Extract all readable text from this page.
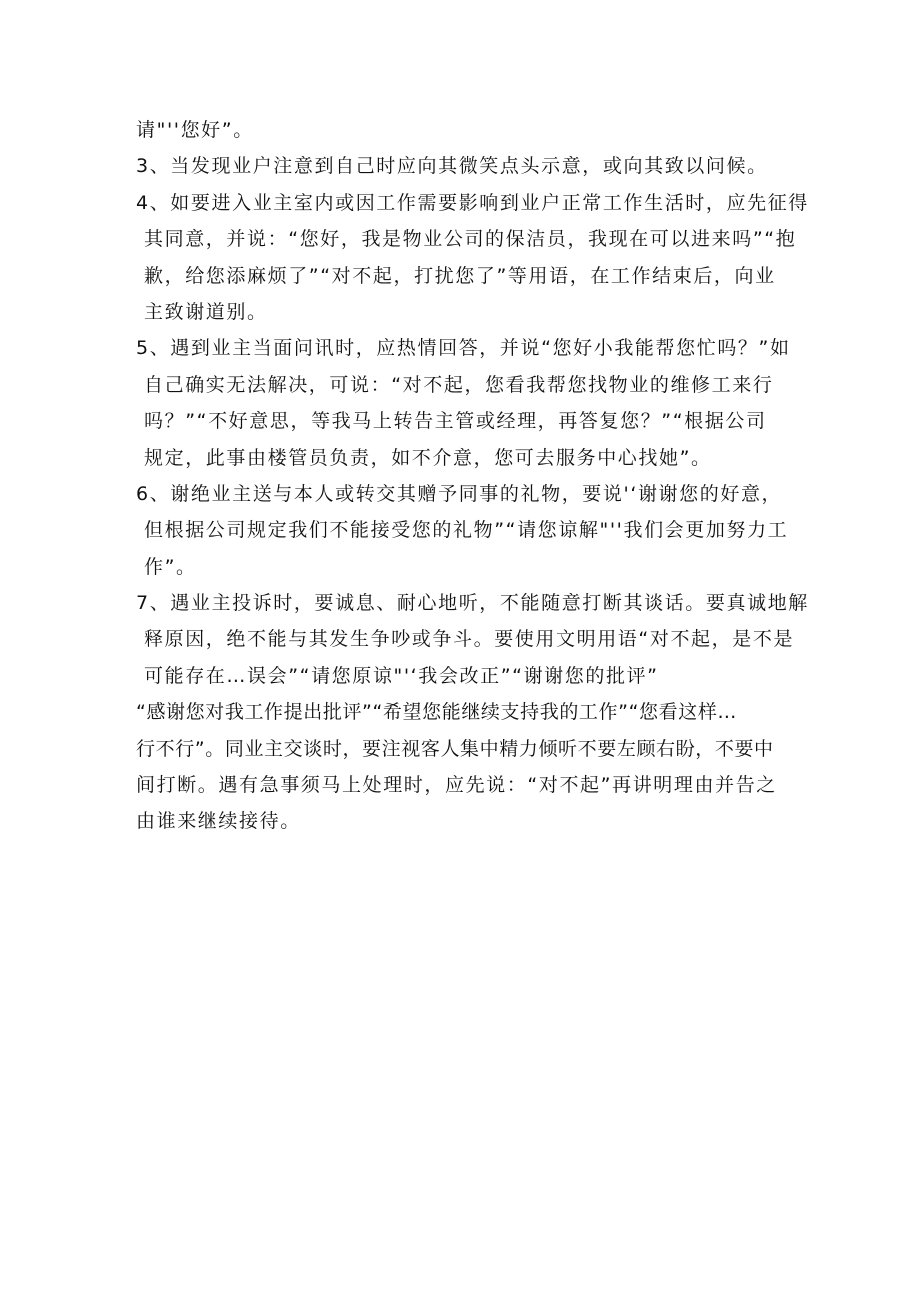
请"''您好”。
3、当发现业户注意到自己时应向其微笑点头示意，或向其致以问候。
4、如要进入业主室内或因工作需要影响到业户正常工作生活时，应先征得
其同意，并说：“您好，我是物业公司的保洁员，我现在可以进来吗”“抱
歉，给您添麻烦了”“对不起，打扰您了”等用语，在工作结束后，向业
主致谢道别。
5、遇到业主当面问讯时，应热情回答，并说“您好小我能帮您忙吗？”如
自己确实无法解决，可说：“对不起，您看我帮您找物业的维修工来行
吗？”“不好意思，等我马上转告主管或经理，再答复您？”“根据公司
规定，此事由楼管员负责，如不介意，您可去服务中心找她”。
6、谢绝业主送与本人或转交其赠予同事的礼物，要说'‘谢谢您的好意，
但根据公司规定我们不能接受您的礼物”“请您谅解"''我们会更加努力工
作”。
7、遇业主投诉时，要诚息、耐心地听，不能随意打断其谈话。要真诚地解
释原因，绝不能与其发生争吵或争斗。要使用文明用语“对不起，是不是
可能存在…误会”“请您原谅"'‘我会改正”“谢谢您的批评”
“感谢您对我工作提出批评”“希望您能继续支持我的工作”“您看这样…
行不行”。同业主交谈时，要注视客人集中精力倾听不要左顾右盼，不要中
间打断。遇有急事须马上处理时，应先说：“对不起”再讲明理由并告之
由谁来继续接待。
